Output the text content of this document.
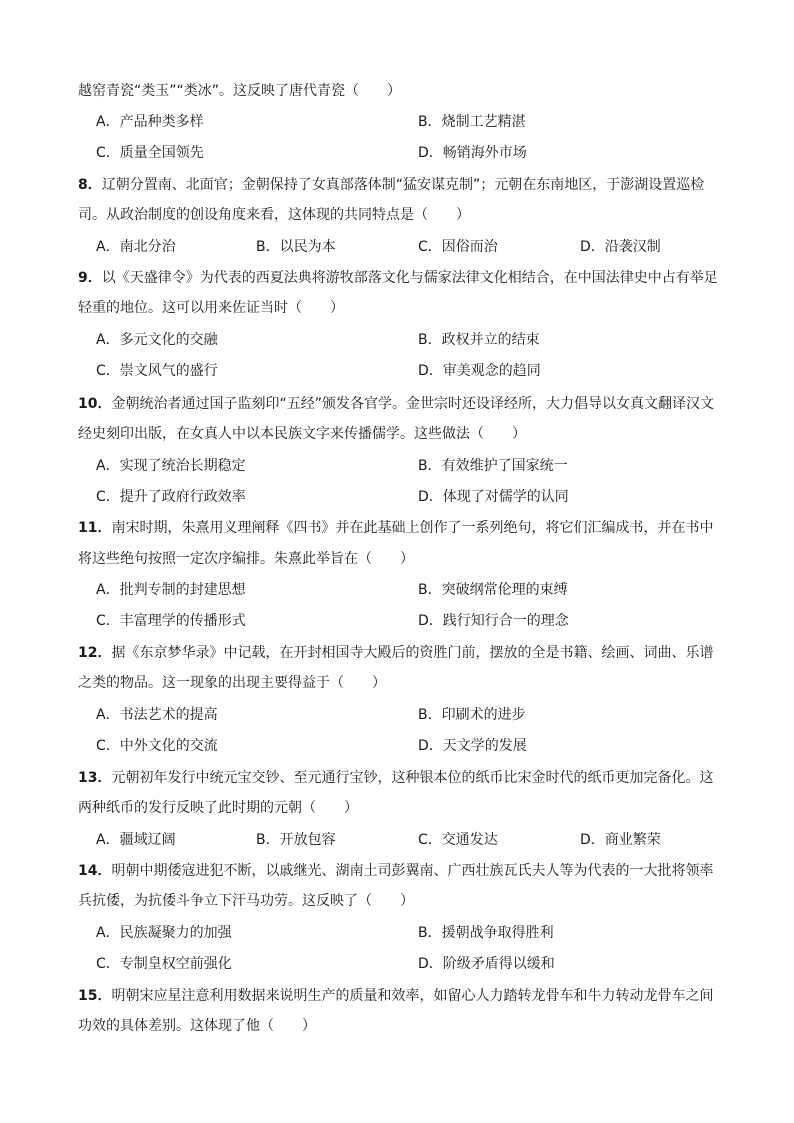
越窑青瓷“类玉”“类冰”。这反映了唐代青瓷（　　）
A．产品种类多样	B．烧制工艺精湛
C．质量全国领先	D．畅销海外市场
8．辽朝分置南、北面官；金朝保持了女真部落体制“猛安谋克制”；元朝在东南地区，于澎湖设置巡检
司。从政治制度的创设角度来看，这体现的共同特点是（　　）
A．南北分治	B．以民为本	C．因俗而治	D．沿袭汉制
9．以《天盛律令》为代表的西夏法典将游牧部落文化与儒家法律文化相结合，在中国法律史中占有举足
轻重的地位。这可以用来佐证当时（　　）
A．多元文化的交融	B．政权并立的结束
C．崇文风气的盛行	D．审美观念的趋同
10．金朝统治者通过国子监刻印“五经”颁发各官学。金世宗时还设译经所，大力倡导以女真文翻译汉文
经史刻印出版，在女真人中以本民族文字来传播儒学。这些做法（　　）
A．实现了统治长期稳定	B．有效维护了国家统一
C．提升了政府行政效率	D．体现了对儒学的认同
11．南宋时期，朱熹用义理阐释《四书》并在此基础上创作了一系列绝句，将它们汇编成书，并在书中
将这些绝句按照一定次序编排。朱熹此举旨在（　　）
A．批判专制的封建思想	B．突破纲常伦理的束缚
C．丰富理学的传播形式	D．践行知行合一的理念
12．据《东京梦华录》中记载，在开封相国寺大殿后的资胜门前，摆放的全是书籍、绘画、词曲、乐谱
之类的物品。这一现象的出现主要得益于（　　）
A．书法艺术的提高	B．印刷术的进步
C．中外文化的交流	D．天文学的发展
13．元朝初年发行中统元宝交钞、至元通行宝钞，这种银本位的纸币比宋金时代的纸币更加完备化。这
两种纸币的发行反映了此时期的元朝（　　）
A．疆域辽阔	B．开放包容	C．交通发达	D．商业繁荣
14．明朝中期倭寇进犯不断，以戚继光、湖南土司彭翼南、广西壮族瓦氏夫人等为代表的一大批将领率
兵抗倭，为抗倭斗争立下汗马功劳。这反映了（　　）
A．民族凝聚力的加强	B．援朝战争取得胜利
C．专制皇权空前强化	D．阶级矛盾得以缓和
15．明朝宋应星注意利用数据来说明生产的质量和效率，如留心人力踏转龙骨车和牛力转动龙骨车之间
功效的具体差别。这体现了他（　　）
